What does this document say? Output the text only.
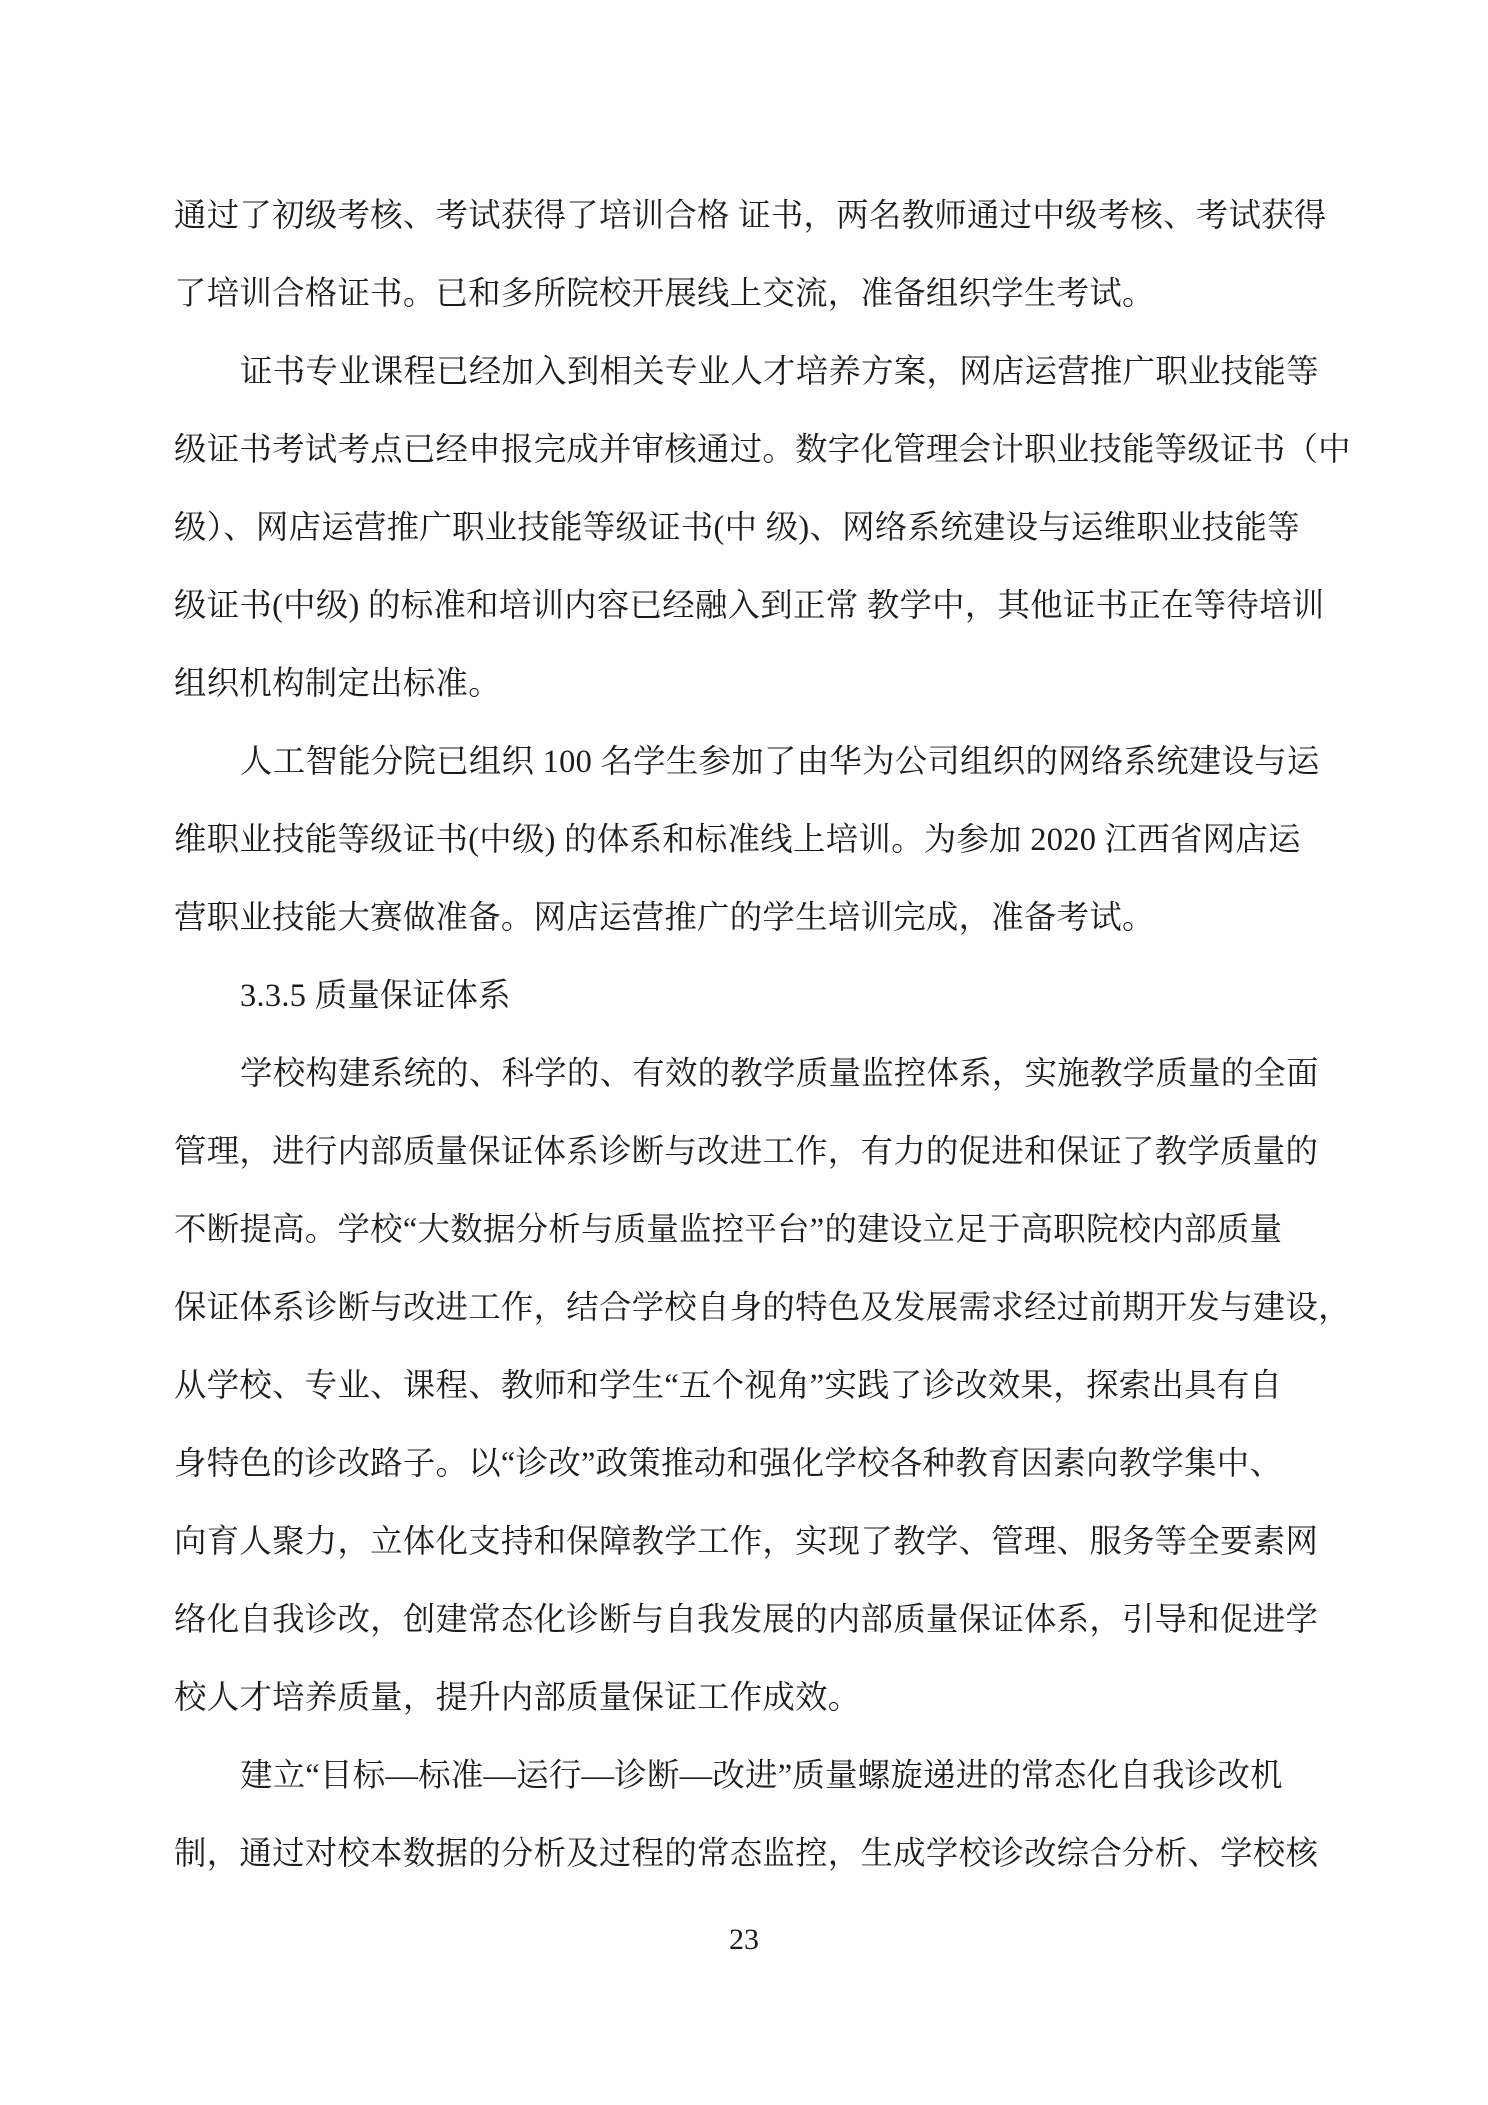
通过了初级考核、考试获得了培训合格 证书，两名教师通过中级考核、考试获得
了培训合格证书。已和多所院校开展线上交流，准备组织学生考试。
证书专业课程已经加入到相关专业人才培养方案，网店运营推广职业技能等
级证书考试考点已经申报完成并审核通过。数字化管理会计职业技能等级证书（中
级）、网店运营推广职业技能等级证书(中 级)、网络系统建设与运维职业技能等
级证书(中级) 的标准和培训内容已经融入到正常 教学中，其他证书正在等待培训
组织机构制定出标准。
人工智能分院已组织 100 名学生参加了由华为公司组织的网络系统建设与运
维职业技能等级证书(中级) 的体系和标准线上培训。为参加 2020 江西省网店运
营职业技能大赛做准备。网店运营推广的学生培训完成，准备考试。
3.3.5 质量保证体系
学校构建系统的、科学的、有效的教学质量监控体系，实施教学质量的全面
管理，进行内部质量保证体系诊断与改进工作，有力的促进和保证了教学质量的
不断提高。学校“大数据分析与质量监控平台”的建设立足于高职院校内部质量
保证体系诊断与改进工作，结合学校自身的特色及发展需求经过前期开发与建设，
从学校、专业、课程、教师和学生“五个视角”实践了诊改效果，探索出具有自
身特色的诊改路子。以“诊改”政策推动和强化学校各种教育因素向教学集中、
向育人聚力，立体化支持和保障教学工作，实现了教学、管理、服务等全要素网
络化自我诊改，创建常态化诊断与自我发展的内部质量保证体系，引导和促进学
校人才培养质量，提升内部质量保证工作成效。
建立“目标—标准—运行—诊断—改进”质量螺旋递进的常态化自我诊改机
制，通过对校本数据的分析及过程的常态监控，生成学校诊改综合分析、学校核
23
